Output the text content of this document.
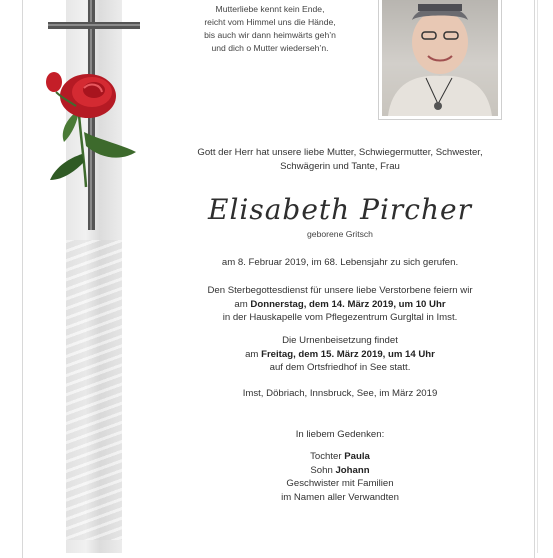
Mutterliebe kennt kein Ende,
reicht vom Himmel uns die Hände,
bis auch wir dann heimwärts geh’n
und dich o Mutter wiederseh’n.
Gott der Herr hat unsere liebe Mutter, Schwiegermutter, Schwester,
Schwägerin und Tante, Frau
Elisabeth Pircher
geborene Gritsch
am 8. Februar 2019, im 68. Lebensjahr zu sich gerufen.
Den Sterbegottesdienst für unsere liebe Verstorbene feiern wir
am Donnerstag, dem 14. März 2019, um 10 Uhr
in der Hauskapelle vom Pflegezentrum Gurgltal in Imst.
Die Urnenbeisetzung findet
am Freitag, dem 15. März 2019, um 14 Uhr
auf dem Ortsfriedhof in See statt.
Imst, Döbriach, Innsbruck, See, im März 2019
In liebem Gedenken:
Tochter Paula
Sohn Johann
Geschwister mit Familien
im Namen aller Verwandten
